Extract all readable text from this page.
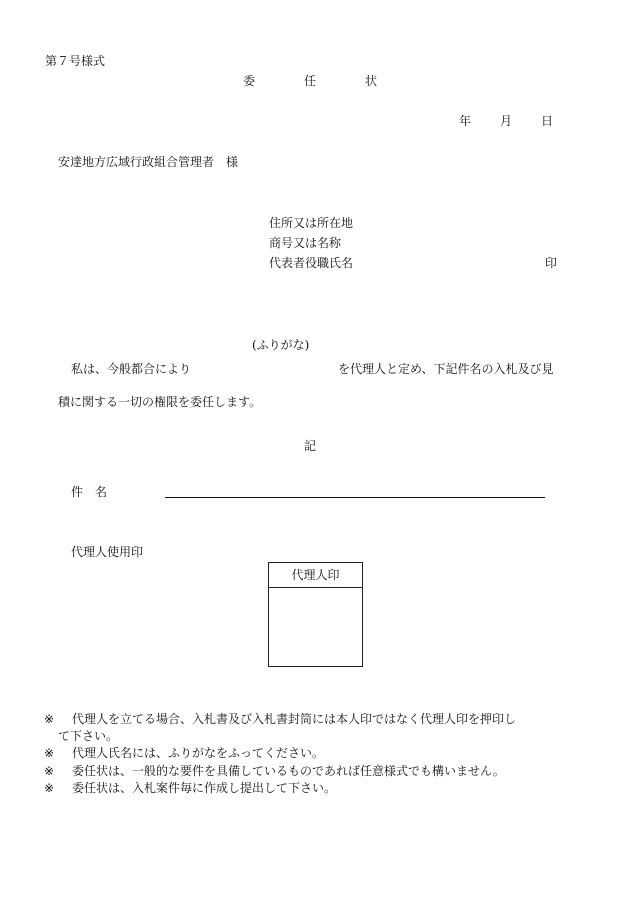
第７号様式
委	任	状
年 月 日
安達地方広域行政組合管理者　様
住所又は所在地
商号又は名称
代表者役職氏名	印
(ふりがな)
私は、今般都合により	を代理人と定め、下記件名の入札及び見
積に関する一切の権限を委任します。
記
件　名
代理人使用印
代理人印
※ 代理人を立てる場合、入札書及び入札書封筒には本人印ではなく代理人印を押印し
て下さい。
※ 代理人氏名には、ふりがなをふってください。
※ 委任状は、一般的な要件を具備しているものであれば任意様式でも構いません。
※ 委任状は、入札案件毎に作成し提出して下さい。
